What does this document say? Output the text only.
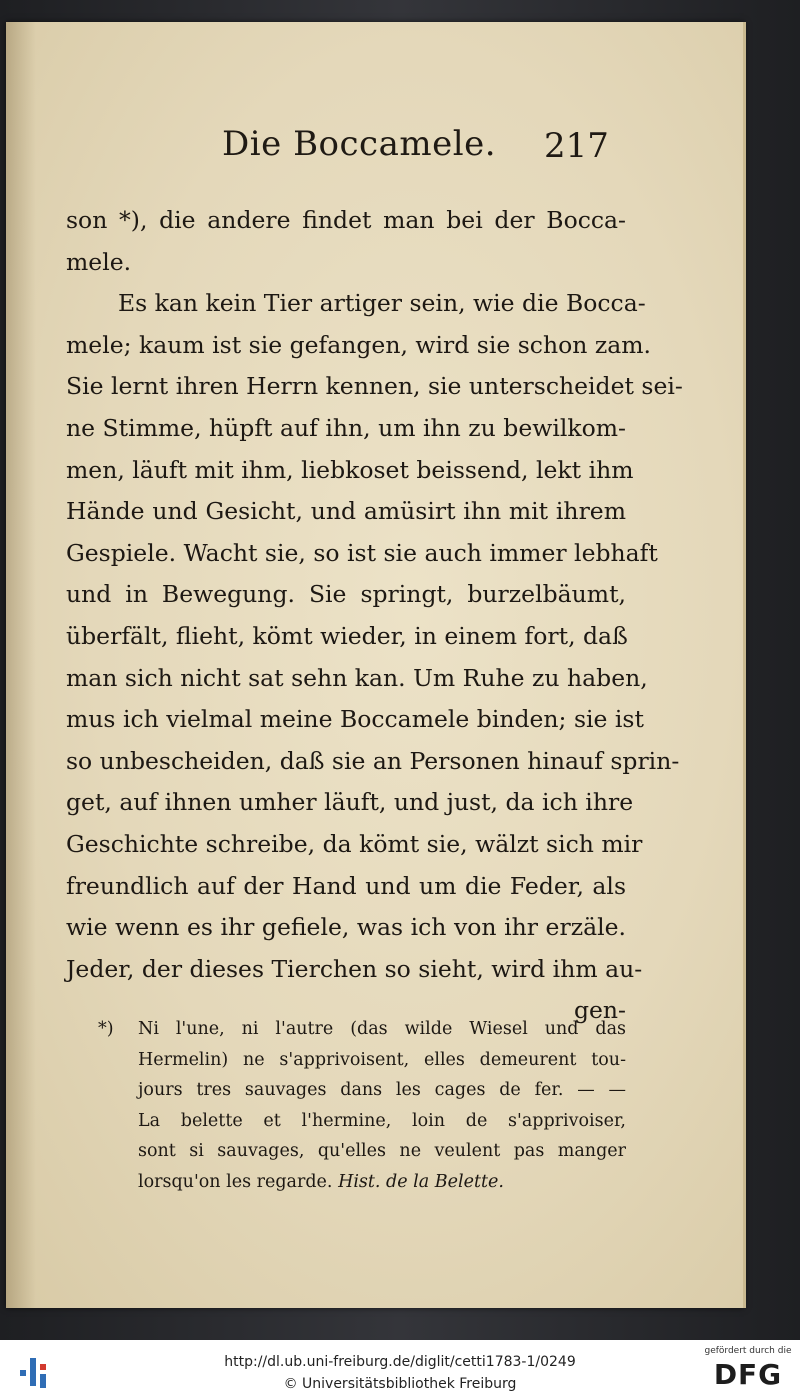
Die Boccamele. 217
son *), die andere findet man bei der Bocca-
mele.
Es kan kein Tier artiger sein, wie die Bocca-
mele; kaum ist sie gefangen, wird sie schon zam.
Sie lernt ihren Herrn kennen, sie unterscheidet sei-
ne Stimme, hüpft auf ihn, um ihn zu bewilkom-
men, läuft mit ihm, liebkoset beissend, lekt ihm
Hände und Gesicht, und amüsirt ihn mit ihrem
Gespiele. Wacht sie, so ist sie auch immer lebhaft
und in Bewegung. Sie springt, burzelbäumt,
überfält, flieht, kömt wieder, in einem fort, daß
man sich nicht sat sehn kan. Um Ruhe zu haben,
mus ich vielmal meine Boccamele binden; sie ist
so unbescheiden, daß sie an Personen hinauf sprin-
get, auf ihnen umher läuft, und just, da ich ihre
Geschichte schreibe, da kömt sie, wälzt sich mir
freundlich auf der Hand und um die Feder, als
wie wenn es ihr gefiele, was ich von ihr erzäle.
Jeder, der dieses Tierchen so sieht, wird ihm au-
gen-
*) Ni l'une, ni l'autre (das wilde Wiesel und das
Hermelin) ne s'apprivoisent, elles demeurent tou-
jours tres sauvages dans les cages de fer. — —
La belette et l'hermine, loin de s'apprivoiser,
sont si sauvages, qu'elles ne veulent pas manger
lorsqu'on les regarde. Hist. de la Belette.
http://dl.ub.uni-freiburg.de/diglit/cetti1783-1/0249
© Universitätsbibliothek Freiburg
gefördert durch die
DFG
